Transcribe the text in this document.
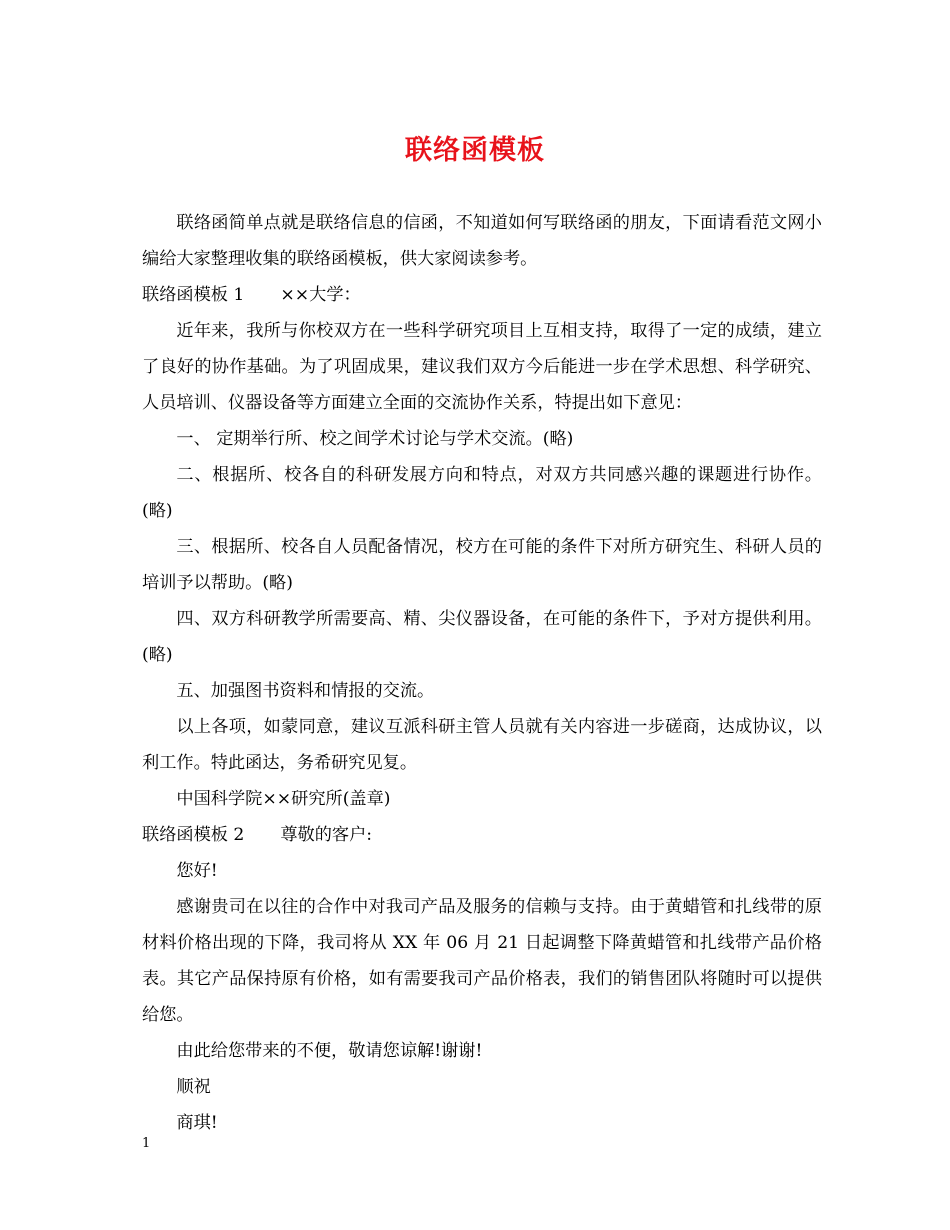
联络函模板

联络函简单点就是联络信息的信函，不知道如何写联络函的朋友，下面请看范文网小编给大家整理收集的联络函模板，供大家阅读参考。

联络函模板 1 ××大学：

近年来，我所与你校双方在一些科学研究项目上互相支持，取得了一定的成绩，建立了良好的协作基础。为了巩固成果，建议我们双方今后能进一步在学术思想、科学研究、人员培训、仪器设备等方面建立全面的交流协作关系，特提出如下意见：

一、 定期举行所、校之间学术讨论与学术交流。(略)

二、根据所、校各自的科研发展方向和特点，对双方共同感兴趣的课题进行协作。(略)

三、根据所、校各自人员配备情况，校方在可能的条件下对所方研究生、科研人员的培训予以帮助。(略)

四、双方科研教学所需要高、精、尖仪器设备，在可能的条件下，予对方提供利用。(略)

五、加强图书资料和情报的交流。

以上各项，如蒙同意，建议互派科研主管人员就有关内容进一步磋商，达成协议，以利工作。特此函达，务希研究见复。

中国科学院××研究所(盖章)

联络函模板 2 尊敬的客户:

您好!

感谢贵司在以往的合作中对我司产品及服务的信赖与支持。由于黄蜡管和扎线带的原材料价格出现的下降，我司将从 XX 年 06 月 21 日起调整下降黄蜡管和扎线带产品价格表。其它产品保持原有价格，如有需要我司产品价格表，我们的销售团队将随时可以提供给您。

由此给您带来的不便，敬请您谅解!谢谢!

顺祝

商琪!

1
